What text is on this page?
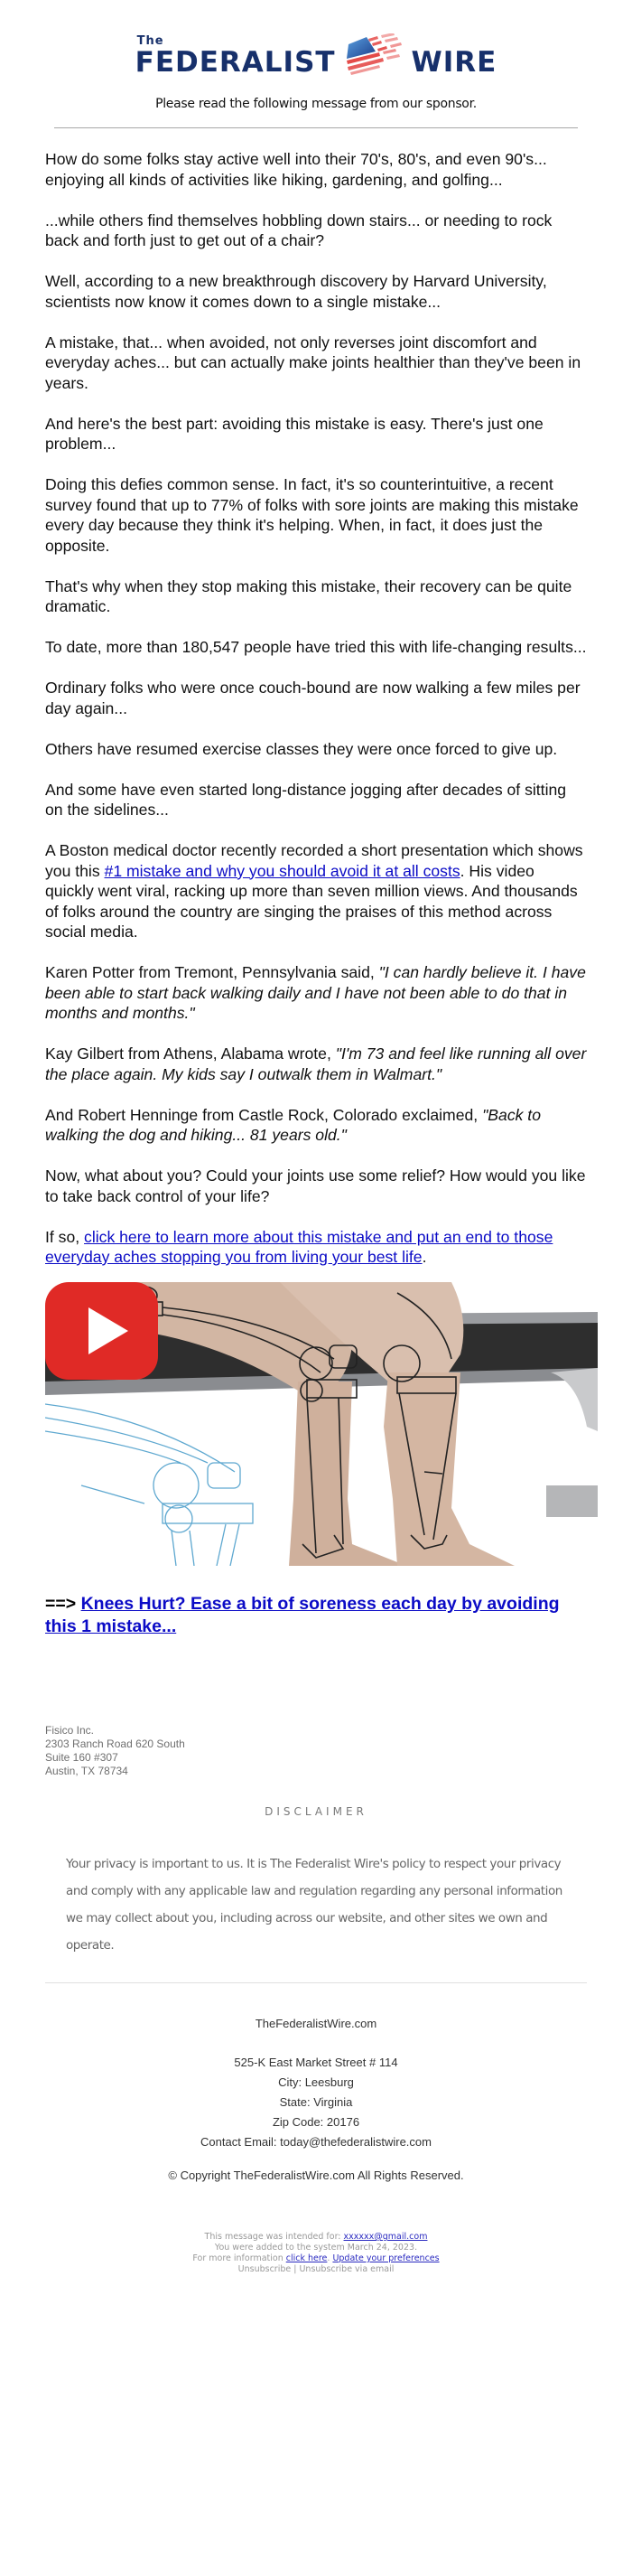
The
FEDERALIST	WIRE
Please read the following message from our sponsor.

How do some folks stay active well into their 70's, 80's, and even 90's... enjoying all kinds of activities like hiking, gardening, and golfing...

...while others find themselves hobbling down stairs... or needing to rock back and forth just to get out of a chair?

Well, according to a new breakthrough discovery by Harvard University, scientists now know it comes down to a single mistake...

A mistake, that... when avoided, not only reverses joint discomfort and everyday aches... but can actually make joints healthier than they've been in years.

And here's the best part: avoiding this mistake is easy. There's just one problem...

Doing this defies common sense. In fact, it's so counterintuitive, a recent survey found that up to 77% of folks with sore joints are making this mistake every day because they think it's helping. When, in fact, it does just the opposite.

That's why when they stop making this mistake, their recovery can be quite dramatic.

To date, more than 180,547 people have tried this with life-changing results...

Ordinary folks who were once couch-bound are now walking a few miles per day again...

Others have resumed exercise classes they were once forced to give up.

And some have even started long-distance jogging after decades of sitting on the sidelines...

A Boston medical doctor recently recorded a short presentation which shows you this #1 mistake and why you should avoid it at all costs. His video quickly went viral, racking up more than seven million views. And thousands of folks around the country are singing the praises of this method across social media.

Karen Potter from Tremont, Pennsylvania said, "I can hardly believe it. I have been able to start back walking daily and I have not been able to do that in months and months."

Kay Gilbert from Athens, Alabama wrote, "I'm 73 and feel like running all over the place again. My kids say I outwalk them in Walmart."

And Robert Henninge from Castle Rock, Colorado exclaimed, "Back to walking the dog and hiking... 81 years old."

Now, what about you? Could your joints use some relief? How would you like to take back control of your life?

If so, click here to learn more about this mistake and put an end to those everyday aches stopping you from living your best life.

==> Knees Hurt? Ease a bit of soreness each day by avoiding this 1 mistake...
Fisico Inc.
2303 Ranch Road 620 South
Suite 160 #307
Austin, TX 78734
DISCLAIMER
Your privacy is important to us. It is The Federalist Wire's policy to respect your privacy and comply with any applicable law and regulation regarding any personal information we may collect about you, including across our website, and other sites we own and operate.
TheFederalistWire.com
525-K East Market Street # 114
City: Leesburg
State: Virginia
Zip Code: 20176
Contact Email: today@thefederalistwire.com
© Copyright TheFederalistWire.com All Rights Reserved.
This message was intended for: xxxxxx@gmail.com
You were added to the system March 24, 2023.
For more information click here. Update your preferences
Unsubscribe | Unsubscribe via email
